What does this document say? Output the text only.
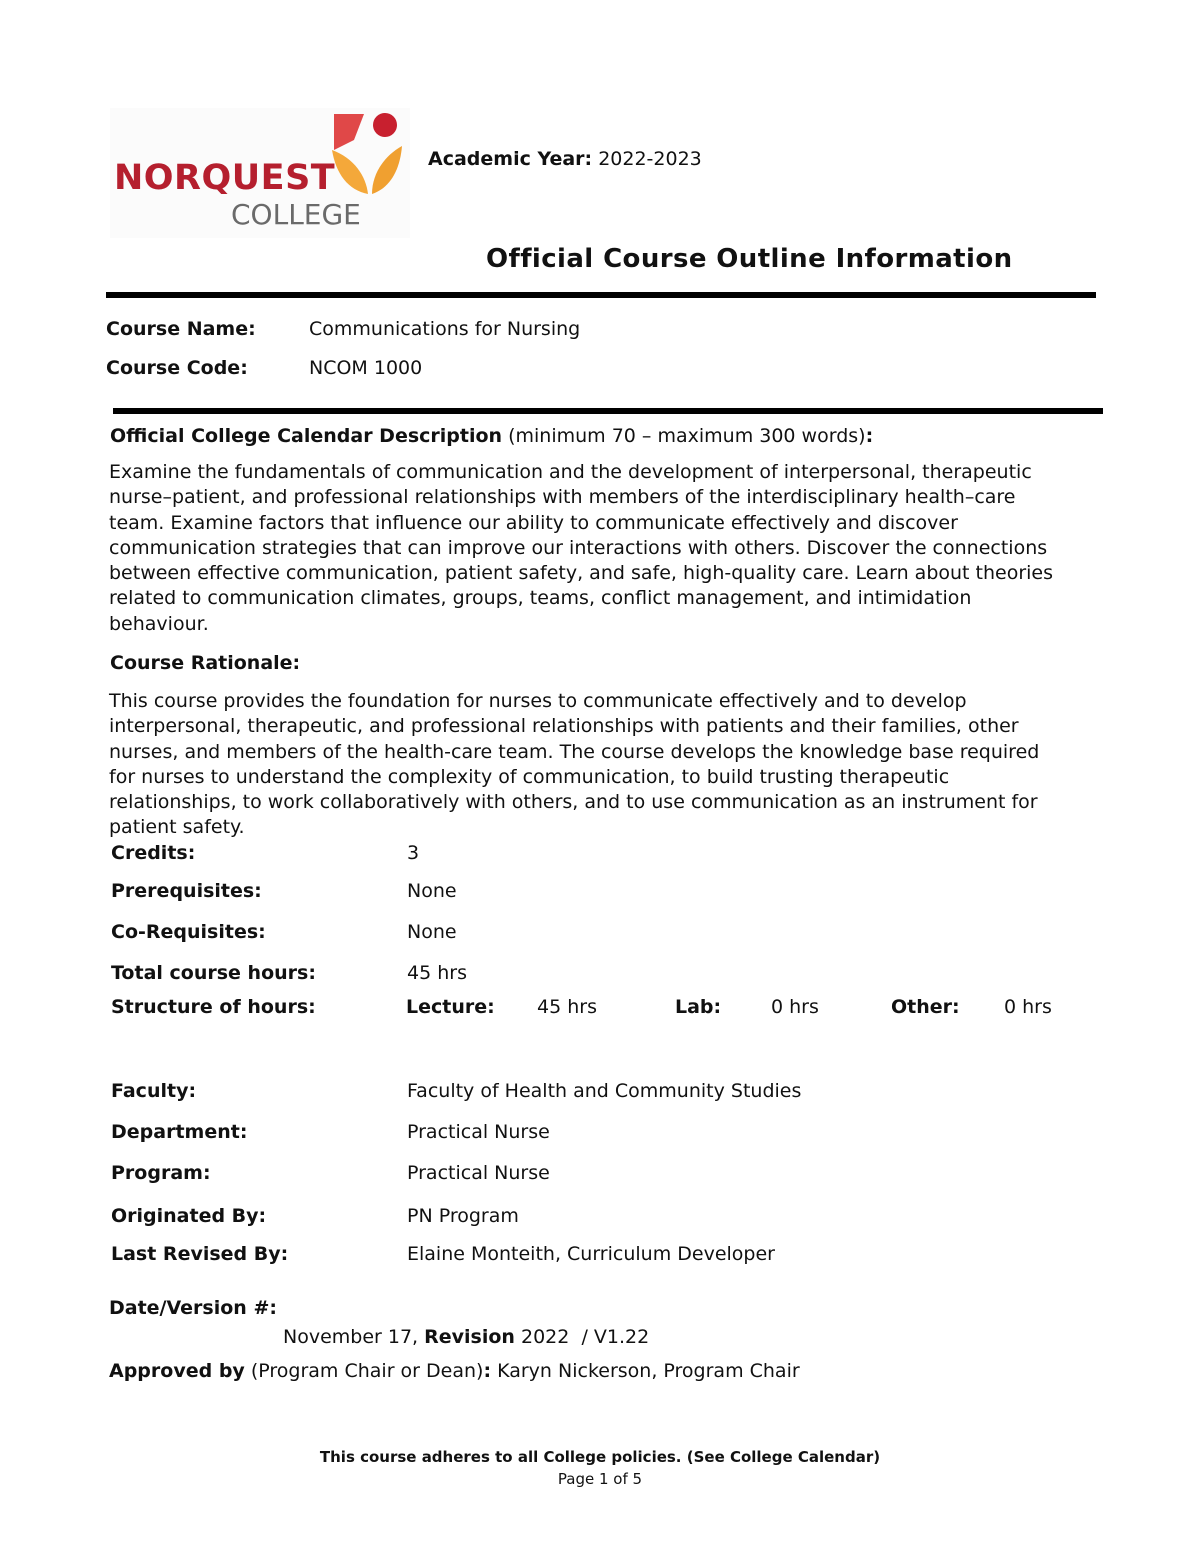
NORQUEST
COLLEGE
Academic Year: 2022-2023
Official Course Outline Information
Course Name:	Communications for Nursing
Course Code:	NCOM 1000
Official College Calendar Description (minimum 70 – maximum 300 words):
Examine the fundamentals of communication and the development of interpersonal, therapeutic
nurse–patient, and professional relationships with members of the interdisciplinary health–care
team. Examine factors that influence our ability to communicate effectively and discover
communication strategies that can improve our interactions with others. Discover the connections
between effective communication, patient safety, and safe, high-quality care. Learn about theories
related to communication climates, groups, teams, conflict management, and intimidation
behaviour.
Course Rationale:
This course provides the foundation for nurses to communicate effectively and to develop
interpersonal, therapeutic, and professional relationships with patients and their families, other
nurses, and members of the health-care team. The course develops the knowledge base required
for nurses to understand the complexity of communication, to build trusting therapeutic
relationships, to work collaboratively with others, and to use communication as an instrument for
patient safety.
Credits:	3
Prerequisites:	None
Co-Requisites:	None
Total course hours:	45 hrs
Structure of hours:	Lecture: 45 hrs	Lab:	0 hrs	Other: 0 hrs
Faculty:	Faculty of Health and Community Studies
Department:	Practical Nurse
Program:	Practical Nurse
Originated By:	PN Program
Last Revised By:	Elaine Monteith, Curriculum Developer
Date/Version #:
November 17, Revision 2022  / V1.22
Approved by (Program Chair or Dean): Karyn Nickerson, Program Chair
This course adheres to all College policies. (See College Calendar)
Page 1 of 5
